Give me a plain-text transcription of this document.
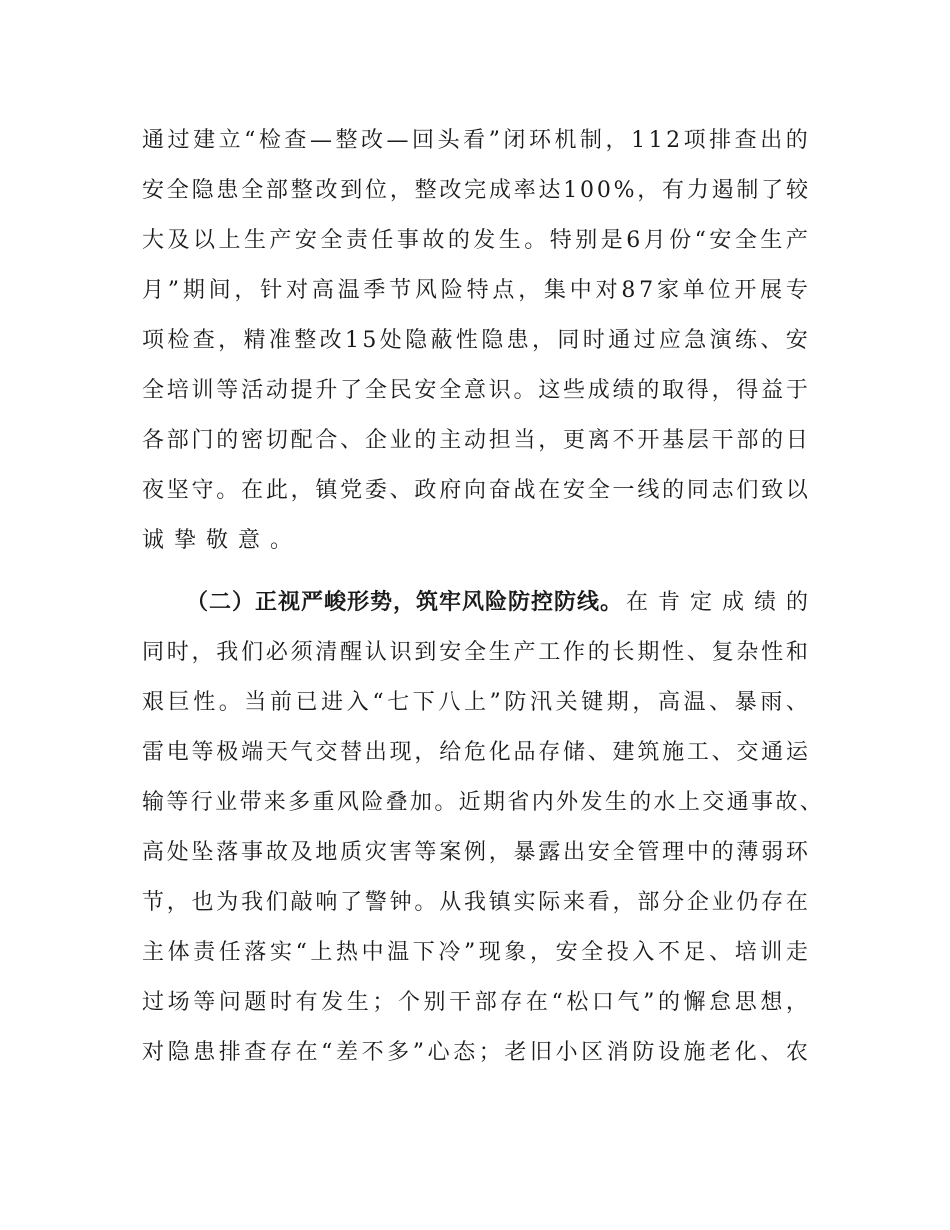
通 过 建 立 “ 检 查 — 整 改 — 回 头 看 ” 闭 环 机 制 ， 1 1 2 项 排 查 出 的
安 全 隐 患 全 部 整 改 到 位 ， 整 改 完 成 率 达 1 0 0 % ， 有 力 遏 制 了 较
大 及 以 上 生 产 安 全 责 任 事 故 的 发 生 。 特 别 是 6 月 份 “ 安 全 生 产
月 ” 期 间 ， 针 对 高 温 季 节 风 险 特 点 ， 集 中 对 8 7 家 单 位 开 展 专
项 检 查 ， 精 准 整 改 1 5 处 隐 蔽 性 隐 患 ， 同 时 通 过 应 急 演 练 、 安
全 培 训 等 活 动 提 升 了 全 民 安 全 意 识 。 这 些 成 绩 的 取 得 ， 得 益 于
各 部 门 的 密 切 配 合 、 企 业 的 主 动 担 当 ， 更 离 不 开 基 层 干 部 的 日
夜 坚 守 。 在 此 ， 镇 党 委 、 政 府 向 奋 战 在 安 全 一 线 的 同 志 们 致 以
诚挚敬意。
（二）正视严峻形势，筑牢风险防控防线。 在肯定成绩的
同 时 ， 我 们 必 须 清 醒 认 识 到 安 全 生 产 工 作 的 长 期 性 、 复 杂 性 和
艰 巨 性 。 当 前 已 进 入 “ 七 下 八 上 ” 防 汛 关 键 期 ， 高 温 、 暴 雨 、
雷 电 等 极 端 天 气 交 替 出 现 ， 给 危 化 品 存 储 、 建 筑 施 工 、 交 通 运
输 等 行 业 带 来 多 重 风 险 叠 加 。 近 期 省 内 外 发 生 的 水 上 交 通 事 故 、
高 处 坠 落 事 故 及 地 质 灾 害 等 案 例 ， 暴 露 出 安 全 管 理 中 的 薄 弱 环
节 ， 也 为 我 们 敲 响 了 警 钟 。 从 我 镇 实 际 来 看 ， 部 分 企 业 仍 存 在
主 体 责 任 落 实 “ 上 热 中 温 下 冷 ” 现 象 ， 安 全 投 入 不 足 、 培 训 走
过 场 等 问 题 时 有 发 生 ； 个 别 干 部 存 在 “ 松 口 气 ” 的 懈 怠 思 想 ，
对 隐 患 排 查 存 在 “ 差 不 多 ” 心 态 ； 老 旧 小 区 消 防 设 施 老 化 、 农
